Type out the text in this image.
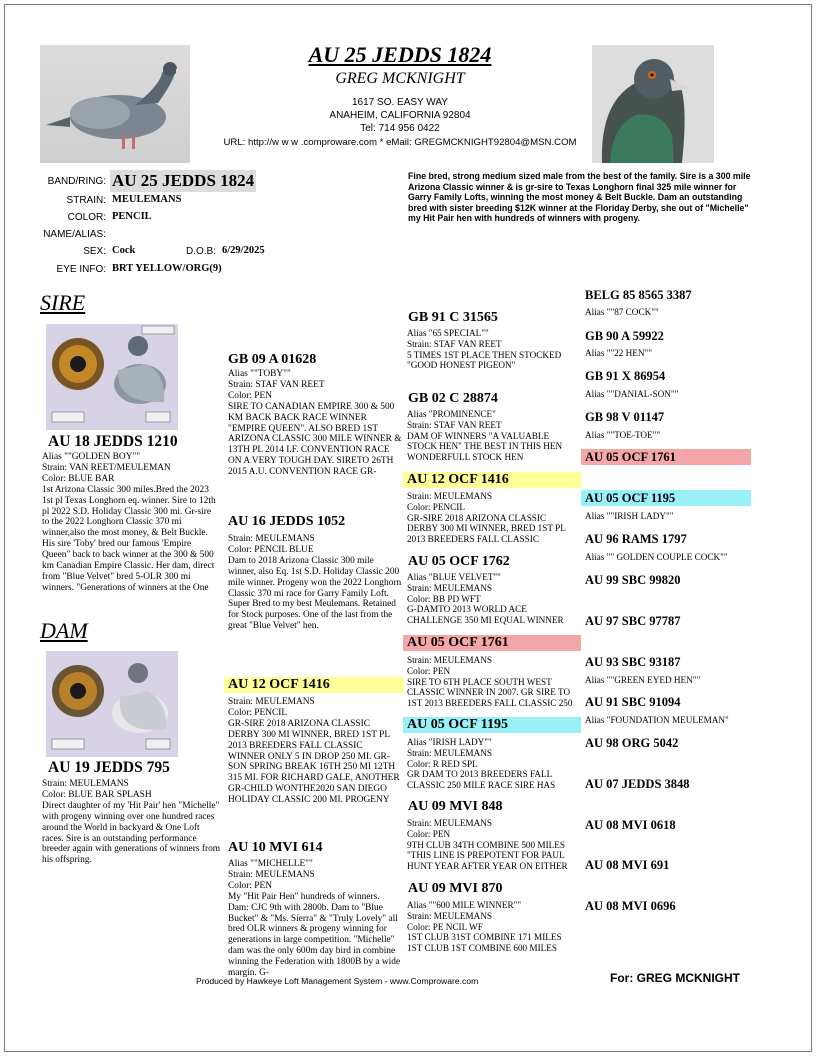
AU 25 JEDDS 1824
GREG MCKNIGHT
1617 SO. EASY WAY
ANAHEIM, CALIFORNIA 92804
Tel: 714 956 0422
URL: http://w w w .comproware.com * eMail: GREGMCKNIGHT92804@MSN.COM
BAND/RING: AU 25 JEDDS 1824
STRAIN: MEULEMANS
COLOR: PENCIL
NAME/ALIAS:
SEX: Cock	D.O.B: 6/29/2025
EYE INFO: BRT YELLOW/ORG(9)
Fine bred, strong medium sized male from the best of the family. Sire is a 300 mile Arizona Classic winner & is gr-sire to Texas Longhorn final 325 mile winner for Garry Family Lofts, winning the most money & Belt Buckle. Dam an outstanding bred with sister breeding $12K winner at the Floriday Derby, she out of "Michelle" my Hit Pair hen with hundreds of winners with progeny.
SIRE
DAM
AU 18 JEDDS 1210
Alias ""GOLDEN BOY""
Strain: VAN REET/MEULEMAN
Color: BLUE BAR
1st Arizona Classic 300 miles.Bred the 2023 1st pl Texas Longhorn eq. winner. Sire to 12th pl 2022 S.D. Holiday Classic 300 mi. Gr-sire to the 2022 Longhorn Classic 370 mi winner,also the most money, & Belt Buckle. His sire 'Toby' bred our famous 'Empire Queen" back to back winner at the 300 & 500 km Canadian Empire Classic. Her dam, direct from "Blue Velvet" bred 5-OLR 300 mi winners. "Generations of winners at the One
AU 19 JEDDS 795
Strain: MEULEMANS
Color: BLUE BAR SPLASH
Direct daughter of my 'Hit Pair' hen "Michelle" with progeny winning over one hundred races around the World in backyard & One Loft races. Sire is an outstanding performance breeder again with generations of winners from his offspring.
GB 09 A 01628
Alias ""TOBY""
Strain: STAF VAN REET
Color: PEN
SIRE TO CANADIAN EMPIRE 300 & 500 KM BACK BACK RACE WINNER "EMPIRE QUEEN". ALSO BRED 1ST ARIZONA CLASSIC 300 MILE WINNER & 13TH PL 2014 I.F. CONVENTION RACE ON A VERY TOUGH DAY. SIRETO 26TH 2015 A.U. CONVENTION RACE GR-
AU 16 JEDDS 1052
Strain: MEULEMANS
Color: PENCIL BLUE
Dam to 2018 Arizona Classic 300 mile winner, also Eq. 1st S.D. Holiday Classic 200 mile winner. Progeny won the 2022 Longhorn Classic 370 mi race for Garry Family Loft. Super Bred to my best Meulemans. Retained for Stock purposes. One of the last from the great "Blue Velvet" hen.
AU 12 OCF 1416
Strain: MEULEMANS
Color: PENCIL
GR-SIRE 2018 ARIZONA CLASSIC DERBY 300 MI WINNER, BRED 1ST PL 2013 BREEDERS FALL CLASSIC WINNER ONLY 5 IN DROP 250 MI. GR-SON SPRING BREAK 16TH 250 MI 12TH 315 MI. FOR RICHARD GALE, ANOTHER GR-CHILD WONTHE2020 SAN DIEGO HOLIDAY CLASSIC 200 MI. PROGENY
AU 10 MVI 614
Alias ""MICHELLE""
Strain: MEULEMANS
Color: PEN
My "Hit Pair Hen" hundreds of winners. Dam: CJC 9th with 2800b. Dam to "Blue Bucket" & "Ms. Sierra" & "Truly Lovely" all bred OLR winners & progeny winning for generations in large competition. "Michelle" dam was the only 600m day bird in combine winning the Federation with 1800B by a wide margin. G-
GB 91 C 31565
Alias "65 SPECIAL""
Strain: STAF VAN REET
5 TIMES 1ST PLACE THEN STOCKED "GOOD HONEST PIGEON"
GB 02 C 28874
Alias "PROMINENCE"
Strain: STAF VAN REET
DAM OF WINNERS "A VALUABLE STOCK HEN" THE BEST IN THIS HEN WONDERFULL STOCK HEN
AU 12 OCF 1416
Strain: MEULEMANS
Color: PENCIL
GR-SIRE 2018 ARIZONA CLASSIC DERBY 300 MI WINNER, BRED 1ST PL 2013 BREEDERS FALL CLASSIC
AU 05 OCF 1762
Alias "BLUE VELVET""
Strain: MEULEMANS
Color: BB PD WFT
G-DAMTO 2013 WORLD ACE CHALLENGE 350 MI EQUAL WINNER
AU 05 OCF 1761
Strain: MEULEMANS
Color: PEN
SIRE TO 6TH PLACE SOUTH WEST CLASSIC WINNER IN 2007. GR SIRE TO 1ST 2013 BREEDERS FALL CLASSIC 250
AU 05 OCF 1195
Alias "IRISH LADY""
Strain: MEULEMANS
Color: R RED SPL
GR DAM TO 2013 BREEDERS FALL CLASSIC 250 MILE RACE SIRE HAS
AU 09 MVI 848
Strain: MEULEMANS
Color: PEN
9TH CLUB 34TH COMBINE 500 MILES "THIS LINE IS PREPOTENT FOR PAUL HUNT YEAR AFTER YEAR ON EITHER
AU 09 MVI 870
Alias ""600 MILE WINNER""
Strain: MEULEMANS
Color: PE NCIL WF
1ST CLUB 31ST COMBINE 171 MILES
1ST CLUB 1ST COMBINE 600 MILES
BELG 85 8565 3387
Alias ""87 COCK""
GB 90 A 59922
Alias ""22 HEN""
GB 91 X 86954
Alias ""DANIAL-SON""
GB 98 V 01147
Alias ""TOE-TOE""
AU 05 OCF 1761
AU 05 OCF 1195
Alias ""IRISH LADY""
AU 96 RAMS 1797
Alias "" GOLDEN COUPLE COCK""
AU 99 SBC 99820
AU 97 SBC 97787
AU 93 SBC 93187
Alias ""GREEN EYED HEN""
AU 91 SBC 91094
Alias "FOUNDATION MEULEMAN"
AU 98 ORG 5042
AU 07 JEDDS 3848
AU 08 MVI 0618
AU 08 MVI 691
AU 08 MVI 0696
Produced by Hawkeye Loft Management System - www.Comproware.com	For: GREG MCKNIGHT
